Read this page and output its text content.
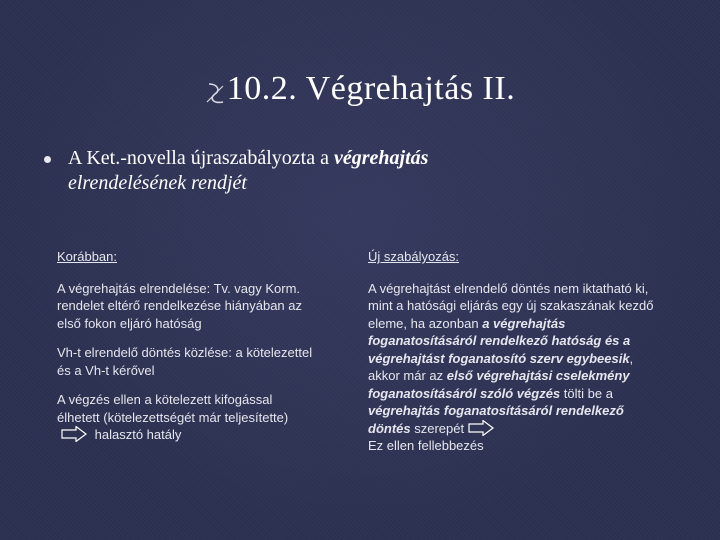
10.2. Végrehajtás II.
A Ket.-novella újraszabályozta a végrehajtás
elrendelésének rendjét
Korábban:

A végrehajtás elrendelése: Tv. vagy Korm. rendelet eltérő rendelkezése hiányában az első fokon eljáró hatóság

Vh-t elrendelő döntés közlése: a kötelezettel és a Vh-t kérővel

A végzés ellen a kötelezett kifogással élhetett (kötelezettségét már teljesítette)  halasztó hatály

Új szabályozás:

A végrehajtást elrendelő döntés nem iktatható ki, mint a hatósági eljárás egy új szakaszának kezdő eleme, ha azonban a végrehajtás foganatosításáról rendelkező hatóság és a végrehajtást foganatosító szerv egybeesik, akkor már az első végrehajtási cselekmény foganatosításáról szóló végzés tölti be a végrehajtás foganatosításáról rendelkező döntés szerepét
Ez ellen fellebbezés
